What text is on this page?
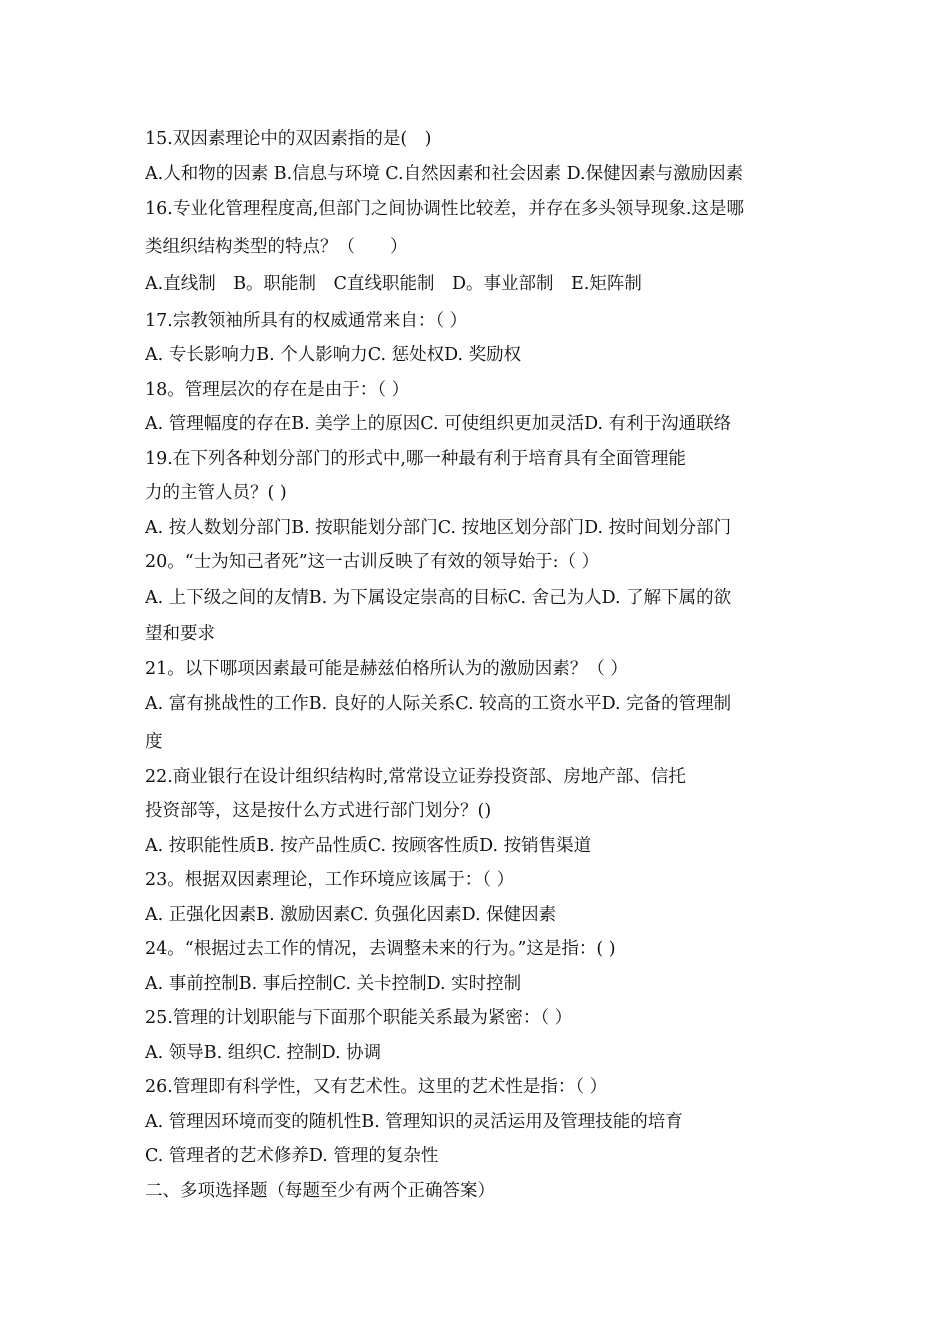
15.双因素理论中的双因素指的是(　)
A.人和物的因素 B.信息与环境 C.自然因素和社会因素 D.保健因素与激励因素
16.专业化管理程度高,但部门之间协调性比较差，并存在多头领导现象.这是哪
类组织结构类型的特点？（　　）
A.直线制　B。职能制　C直线职能制　D。事业部制　E.矩阵制
17.宗教领袖所具有的权威通常来自：（ ）
A. 专长影响力B. 个人影响力C. 惩处权D. 奖励权
18。管理层次的存在是由于：（ ）
A. 管理幅度的存在B. 美学上的原因C. 可使组织更加灵活D. 有利于沟通联络
19.在下列各种划分部门的形式中,哪一种最有利于培育具有全面管理能
力的主管人员？( )
A. 按人数划分部门B. 按职能划分部门C. 按地区划分部门D. 按时间划分部门
20。“士为知己者死”这一古训反映了有效的领导始于:（ ）
A. 上下级之间的友情B. 为下属设定崇高的目标C. 舍己为人D. 了解下属的欲
望和要求
21。以下哪项因素最可能是赫兹伯格所认为的激励因素？（ ）
A. 富有挑战性的工作B. 良好的人际关系C. 较高的工资水平D. 完备的管理制
度
22.商业银行在设计组织结构时,常常设立证券投资部、房地产部、信托
投资部等，这是按什么方式进行部门划分？()
A. 按职能性质B. 按产品性质C. 按顾客性质D. 按销售渠道
23。根据双因素理论，工作环境应该属于：（ ）
A. 正强化因素B. 激励因素C. 负强化因素D. 保健因素
24。“根据过去工作的情况，去调整未来的行为。”这是指：( )
A. 事前控制B. 事后控制C. 关卡控制D. 实时控制
25.管理的计划职能与下面那个职能关系最为紧密：（ ）
A. 领导B. 组织C. 控制D. 协调
26.管理即有科学性，又有艺术性。这里的艺术性是指：（ ）
A. 管理因环境而变的随机性B. 管理知识的灵活运用及管理技能的培育
C. 管理者的艺术修养D. 管理的复杂性
二、多项选择题（每题至少有两个正确答案）
